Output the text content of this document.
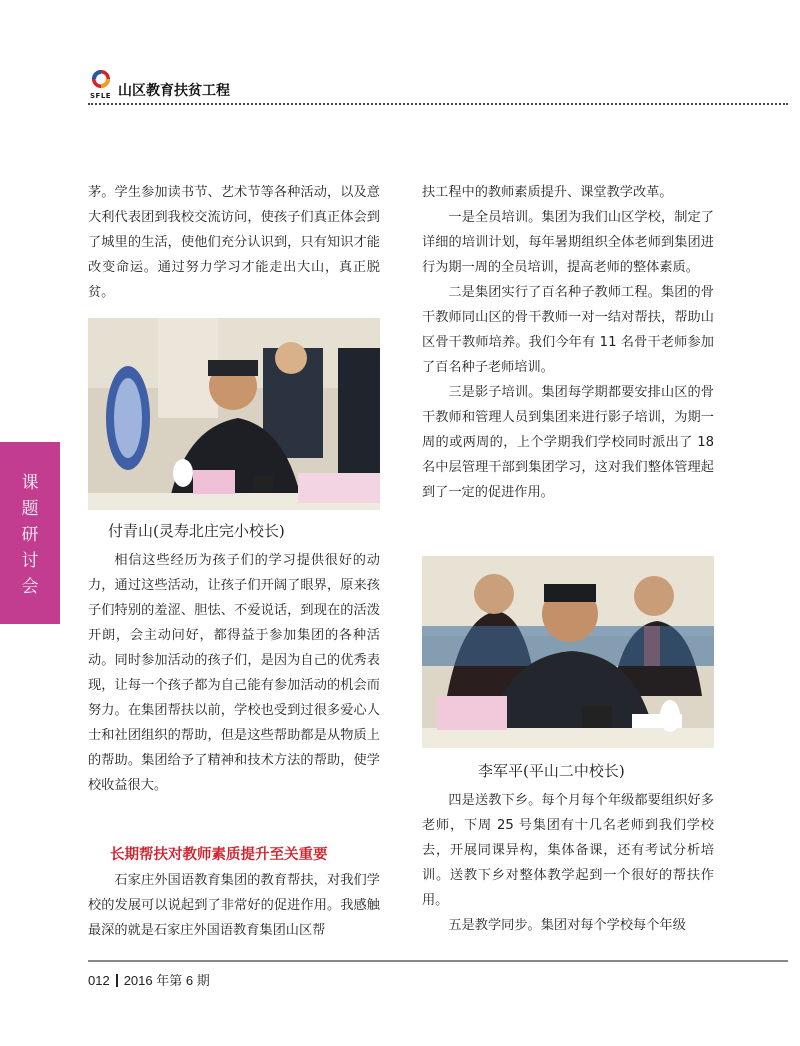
SFLE 山区教育扶贫工程
课
题
研
讨
会

茅。学生参加读书节、艺术节等各种活动，以及意大利代表团到我校交流访问，使孩子们真正体会到了城里的生活，使他们充分认识到，只有知识才能改变命运。通过努力学习才能走出大山，真正脱贫。

付青山(灵寿北庄完小校长)

相信这些经历为孩子们的学习提供很好的动力，通过这些活动，让孩子们开阔了眼界，原来孩子们特别的羞涩、胆怯、不爱说话，到现在的活泼开朗，会主动问好，都得益于参加集团的各种活动。同时参加活动的孩子们，是因为自己的优秀表现，让每一个孩子都为自己能有参加活动的机会而努力。在集团帮扶以前，学校也受到过很多爱心人士和社团组织的帮助，但是这些帮助都是从物质上的帮助。集团给予了精神和技术方法的帮助，使学校收益很大。

长期帮扶对教师素质提升至关重要

石家庄外国语教育集团的教育帮扶，对我们学校的发展可以说起到了非常好的促进作用。我感触最深的就是石家庄外国语教育集团山区帮

扶工程中的教师素质提升、课堂教学改革。

一是全员培训。集团为我们山区学校，制定了详细的培训计划，每年暑期组织全体老师到集团进行为期一周的全员培训，提高老师的整体素质。

二是集团实行了百名种子教师工程。集团的骨干教师同山区的骨干教师一对一结对帮扶，帮助山区骨干教师培养。我们今年有 11 名骨干老师参加了百名种子老师培训。

三是影子培训。集团每学期都要安排山区的骨干教师和管理人员到集团来进行影子培训，为期一周的或两周的，上个学期我们学校同时派出了 18 名中层管理干部到集团学习，这对我们整体管理起到了一定的促进作用。

李军平(平山二中校长)

四是送教下乡。每个月每个年级都要组织好多老师，下周 25 号集团有十几名老师到我们学校去，开展同课异构，集体备课，还有考试分析培训。送教下乡对整体教学起到一个很好的帮扶作用。

五是教学同步。集团对每个学校每个年级

012 2016 年第 6 期
